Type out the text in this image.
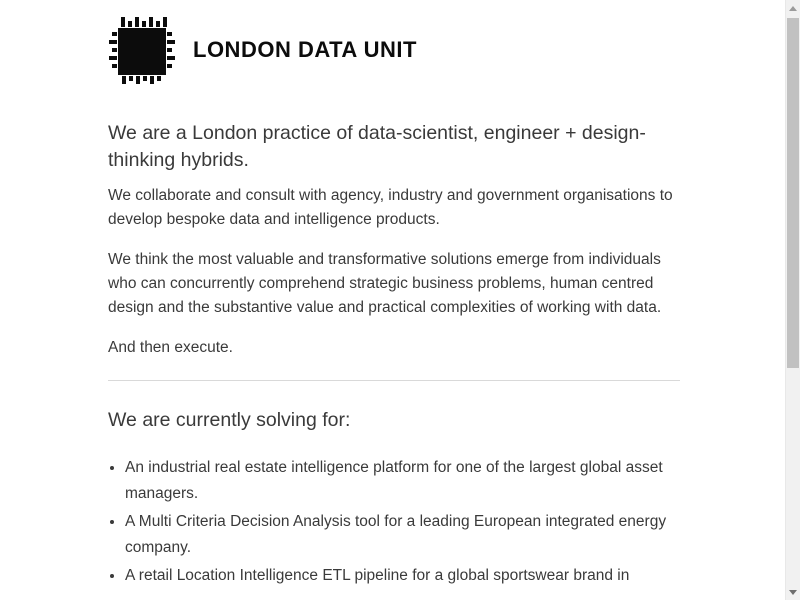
LONDON DATA UNIT
We are a London practice of data-scientist, engineer + design-thinking hybrids.

We collaborate and consult with agency, industry and government organisations to develop bespoke data and intelligence products.

We think the most valuable and transformative solutions emerge from individuals who can concurrently comprehend strategic business problems, human centred design and the substantive value and practical complexities of working with data.

And then execute.

We are currently solving for:
• An industrial real estate intelligence platform for one of the largest global asset managers.
• A Multi Criteria Decision Analysis tool for a leading European integrated energy company.
• A retail Location Intelligence ETL pipeline for a global sportswear brand in
